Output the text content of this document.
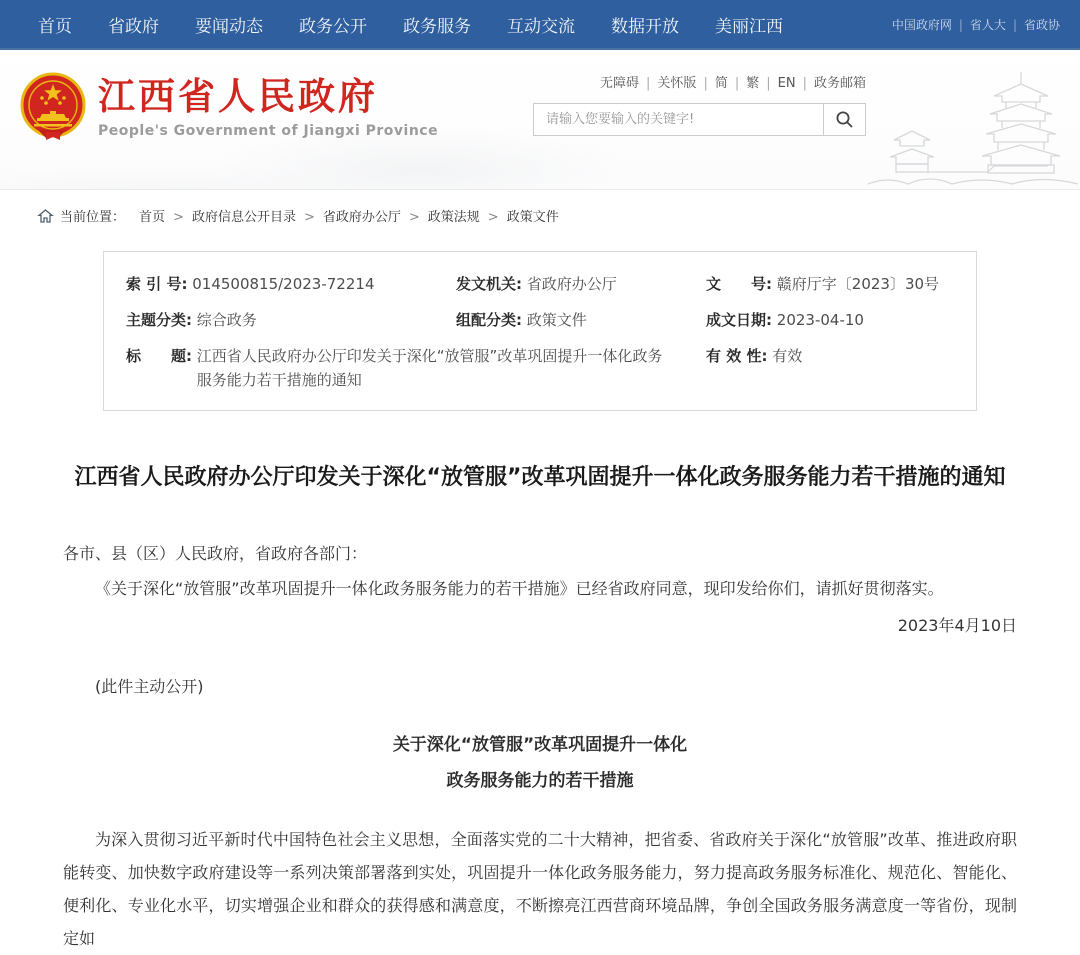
首页 省政府 要闻动态 政务公开 政务服务 互动交流 数据开放 美丽江西	中国政府网 |	省人大 |	省政协
江西省人民政府
People's Government of Jiangxi Province
无障碍 | 关怀版 | 简 | 繁 | EN | 政务邮箱
请输入您要输入的关键字!
当前位置： 首页 >	政府信息公开目录 >	省政府办公厅 >	政策法规 >	政策文件
索 引 号: 014500815/2023-72214	发文机关: 省政府办公厅	文　　号: 赣府厅字〔2023〕30号
主题分类: 综合政务	组配分类: 政策文件	成文日期: 2023-04-10
标　　题:
江西省人民政府办公厅印发关于深化“放管服”改革巩固提升一体化政务服务能力若干措施的通知
有 效 性: 有效
江西省人民政府办公厅印发关于深化“放管服”改革巩固提升一体化政务服务能力若干措施的通知

各市、县（区）人民政府，省政府各部门：

《关于深化“放管服”改革巩固提升一体化政务服务能力的若干措施》已经省政府同意，现印发给你们，请抓好贯彻落实。

2023年4月10日

(此件主动公开)

关于深化“放管服”改革巩固提升一体化
政务服务能力的若干措施

为深入贯彻习近平新时代中国特色社会主义思想，全面落实党的二十大精神，把省委、省政府关于深化“放管服”改革、推进政府职能转变、加快数字政府建设等一系列决策部署落到实处，巩固提升一体化政务服务能力，努力提高政务服务标准化、规范化、智能化、便利化、专业化水平，切实增强企业和群众的获得感和满意度，不断擦亮江西营商环境品牌，争创全国政务服务满意度一等省份，现制定如
